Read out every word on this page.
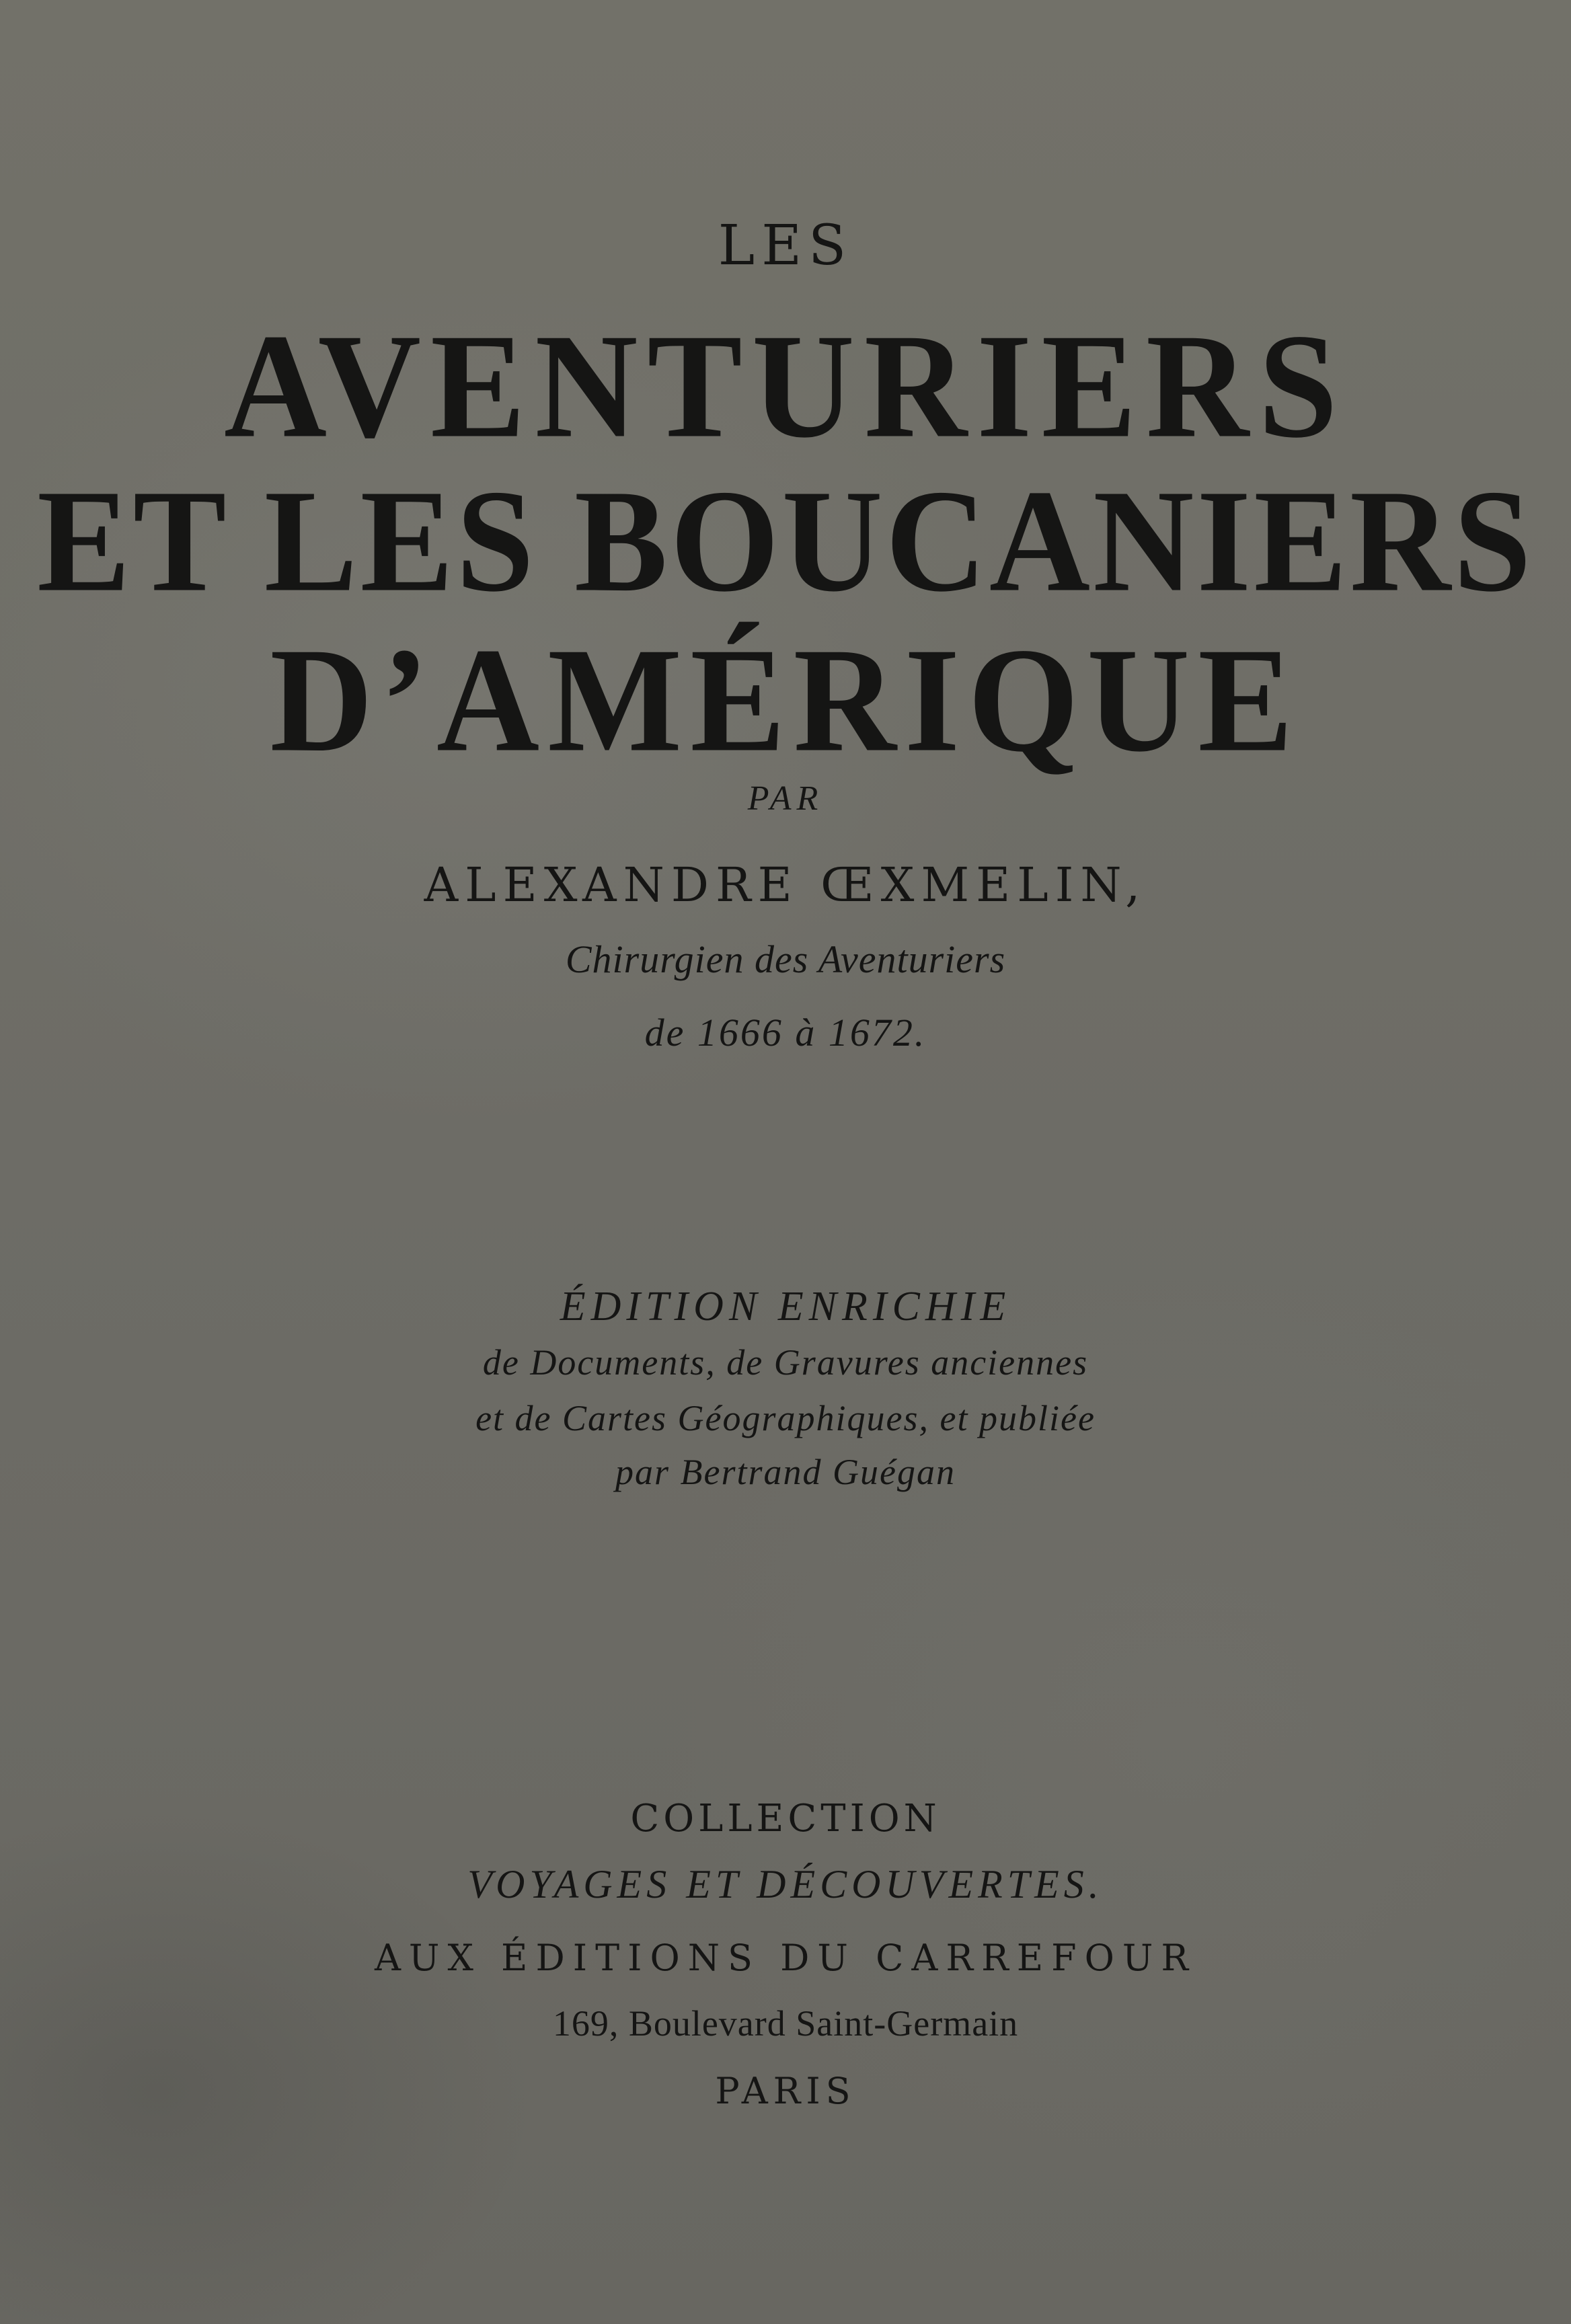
LES
AVENTURIERS
ET LES BOUCANIERS
D’AMÉRIQUE
PAR
ALEXANDRE ŒXMELIN,
Chirurgien des Aventuriers
de 1666 à 1672.
ÉDITION ENRICHIE
de Documents, de Gravures anciennes
et de Cartes Géographiques, et publiée
par Bertrand Guégan
COLLECTION
VOYAGES ET DÉCOUVERTES.
AUX ÉDITIONS DU CARREFOUR
169, Boulevard Saint-Germain
PARIS
